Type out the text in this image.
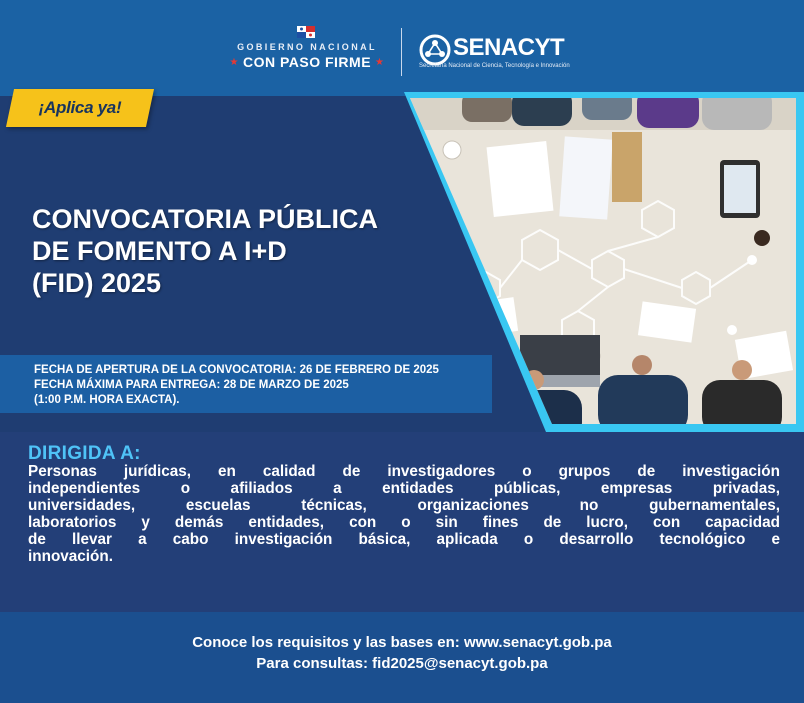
GOBIERNO NACIONAL
★ CON PASO FIRME ★
SENACYT
Secretaría Nacional de Ciencia, Tecnología e Innovación
¡Aplica ya!
CONVOCATORIA PÚBLICA
DE FOMENTO A I+D
(FID) 2025
FECHA DE APERTURA DE LA CONVOCATORIA: 26 DE FEBRERO DE 2025
FECHA MÁXIMA PARA ENTREGA: 28 DE MARZO DE 2025
(1:00 P.M. HORA EXACTA).
DIRIGIDA A:
Personas jurídicas, en calidad de investigadores o grupos de investigación
independientes o afiliados a entidades públicas, empresas privadas,
universidades, escuelas técnicas, organizaciones no gubernamentales,
laboratorios y demás entidades, con o sin fines de lucro, con capacidad
de llevar a cabo investigación básica, aplicada o desarrollo tecnológico e
innovación.
Conoce los requisitos y las bases en: www.senacyt.gob.pa
Para consultas: fid2025@senacyt.gob.pa
